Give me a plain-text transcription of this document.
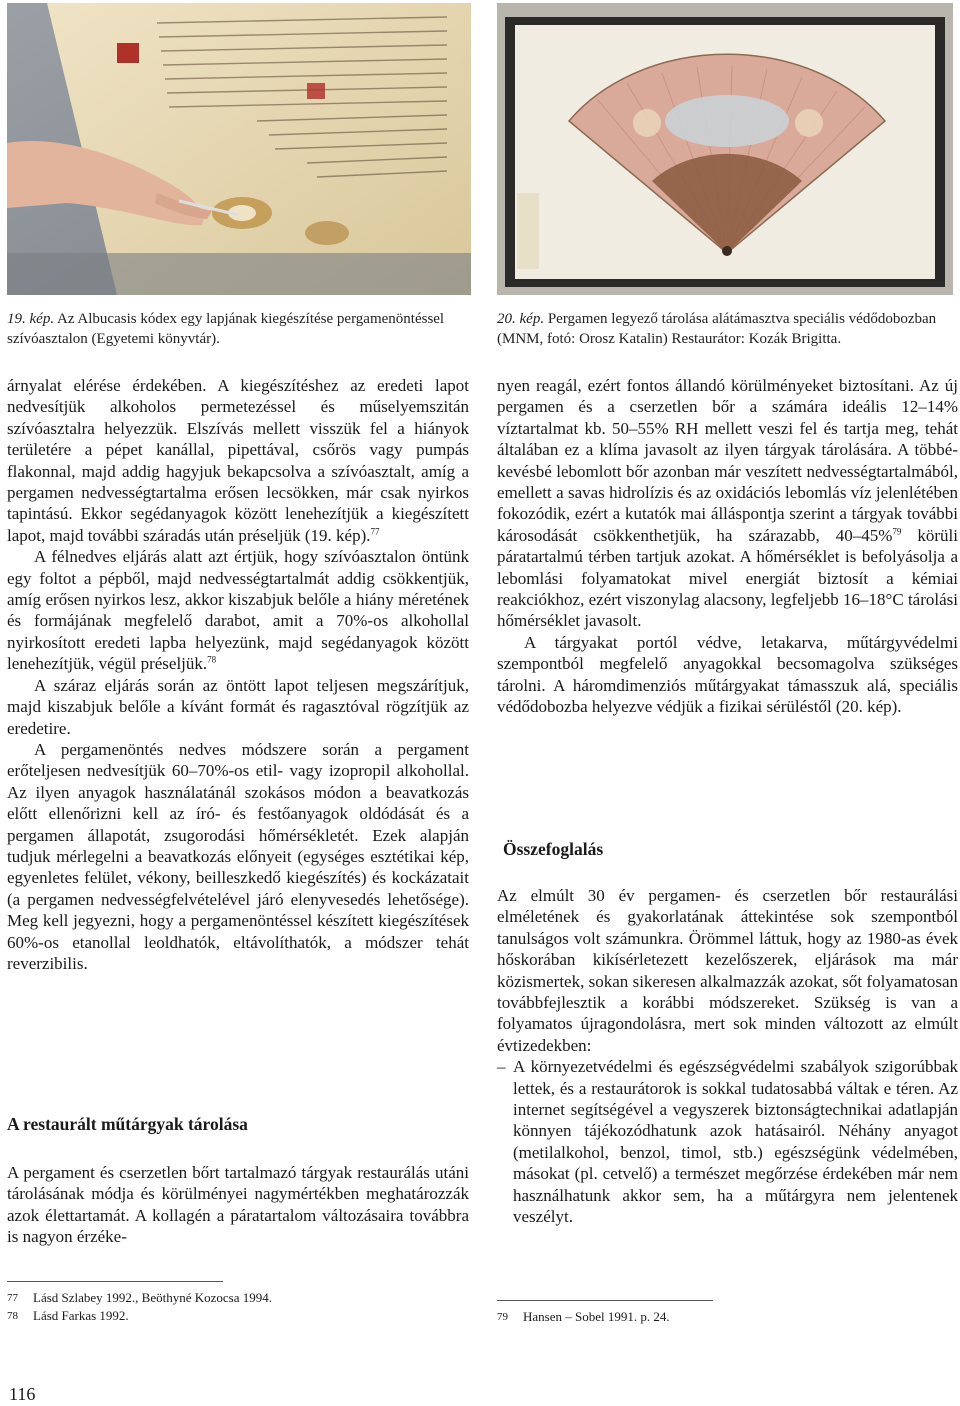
19. kép. Az Albucasis kódex egy lapjának kiegészítése pergamenöntéssel szívóasztalon (Egyetemi könyvtár).
20. kép. Pergamen legyező tárolása alátámasztva speciális védődobozban (MNM, fotó: Orosz Katalin) Restaurátor: Kozák Brigitta.

árnyalat elérése érdekében. A kiegészítéshez az eredeti lapot nedvesítjük alkoholos permetezéssel és műselyemszitán szívóasztalra helyezzük. Elszívás mellett visszük fel a hiányok területére a pépet kanállal, pipettával, csőrös vagy pumpás flakonnal, majd addig hagyjuk bekapcsolva a szívóasztalt, amíg a pergamen nedvességtartalma erősen lecsökken, már csak nyirkos tapintású. Ekkor segédanyagok között lenehezítjük a kiegészített lapot, majd további száradás után préseljük (19. kép).$^{77}$

A félnedves eljárás alatt azt értjük, hogy szívóasztalon öntünk egy foltot a pépből, majd nedvességtartalmát addig csökkentjük, amíg erősen nyirkos lesz, akkor kiszabjuk belőle a hiány méretének és formájának megfelelő darabot, amit a 70%-os alkohollal nyirkosított eredeti lapba helyezünk, majd segédanyagok között lenehezítjük, végül préseljük.$^{78}$

A száraz eljárás során az öntött lapot teljesen megszárítjuk, majd kiszabjuk belőle a kívánt formát és ragasztóval rögzítjük az eredetire.

A pergamenöntés nedves módszere során a pergament erőteljesen nedvesítjük 60–70%-os etil- vagy izopropil alkohollal. Az ilyen anyagok használatánál szokásos módon a beavatkozás előtt ellenőrizni kell az író- és festőanyagok oldódását és a pergamen állapotát, zsugorodási hőmérsékletét. Ezek alapján tudjuk mérlegelni a beavatkozás előnyeit (egységes esztétikai kép, egyenletes felület, vékony, beilleszkedő kiegészítés) és kockázatait (a pergamen nedvességfelvételével járó elenyvesedés lehetősége). Meg kell jegyezni, hogy a pergamenöntéssel készített kiegészítések 60%-os etanollal leoldhatók, eltávolíthatók, a módszer tehát reverzibilis.

A restaurált műtárgyak tárolása

A pergament és cserzetlen bőrt tartalmazó tárgyak restaurálás utáni tárolásának módja és körülményei nagymértékben meghatározzák azok élettartamát. A kollagén a páratartalom változásaira továbbra is nagyon érzéke-

nyen reagál, ezért fontos állandó körülményeket biztosítani. Az új pergamen és a cserzetlen bőr a számára ideális 12–14% víztartalmat kb. 50–55% RH mellett veszi fel és tartja meg, tehát általában ez a klíma javasolt az ilyen tárgyak tárolására. A többé-kevésbé lebomlott bőr azonban már veszített nedvességtartalmából, emellett a savas hidrolízis és az oxidációs lebomlás víz jelenlétében fokozódik, ezért a kutatók mai álláspontja szerint a tárgyak további károsodását csökkenthetjük, ha szárazabb, 40–45%$^{79}$ körüli páratartalmú térben tartjuk azokat. A hőmérséklet is befolyásolja a lebomlási folyamatokat mivel energiát biztosít a kémiai reakciókhoz, ezért viszonylag alacsony, legfeljebb 16–18°C tárolási hőmérséklet javasolt.

A tárgyakat portól védve, letakarva, műtárgyvédelmi szempontból megfelelő anyagokkal becsomagolva szükséges tárolni. A háromdimenziós műtárgyakat támasszuk alá, speciális védődobozba helyezve védjük a fizikai sérüléstől (20. kép).

Összefoglalás

Az elmúlt 30 év pergamen- és cserzetlen bőr restaurálási elméletének és gyakorlatának áttekintése sok szempontból tanulságos volt számunkra. Örömmel láttuk, hogy az 1980-as évek hőskorában kikísérletezett kezelőszerek, eljárások ma már közismertek, sokan sikeresen alkalmazzák azokat, sőt folyamatosan továbbfejlesztik a korábbi módszereket. Szükség is van a folyamatos újragondolásra, mert sok minden változott az elmúlt évtizedekben:

– A környezetvédelmi és egészségvédelmi szabályok szigorúbbak lettek, és a restaurátorok is sokkal tudatosabbá váltak e téren. Az internet segítségével a vegyszerek biztonságtechnikai adatlapján könnyen tájékozódhatunk azok hatásairól. Néhány anyagot (metilalkohol, benzol, timol, stb.) egészségünk védelmében, másokat (pl. cetvelő) a természet megőrzése érdekében már nem használhatunk akkor sem, ha a műtárgyra nem jelentenek veszélyt.
77	Lásd Szlabey 1992., Beöthyné Kozocsa 1994.
78	Lásd Farkas 1992.	79	Hansen – Sobel 1991. p. 24.
116
